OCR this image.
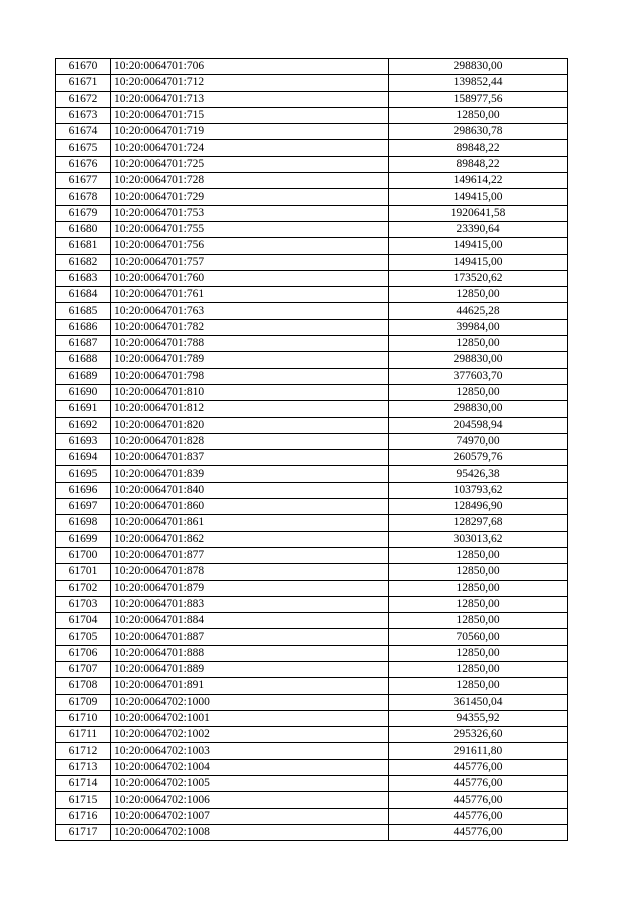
61670	10:20:0064701:706	298830,00
61671	10:20:0064701:712	139852,44
61672	10:20:0064701:713	158977,56
61673	10:20:0064701:715	12850,00
61674	10:20:0064701:719	298630,78
61675	10:20:0064701:724	89848,22
61676	10:20:0064701:725	89848,22
61677	10:20:0064701:728	149614,22
61678	10:20:0064701:729	149415,00
61679	10:20:0064701:753	1920641,58
61680	10:20:0064701:755	23390,64
61681	10:20:0064701:756	149415,00
61682	10:20:0064701:757	149415,00
61683	10:20:0064701:760	173520,62
61684	10:20:0064701:761	12850,00
61685	10:20:0064701:763	44625,28
61686	10:20:0064701:782	39984,00
61687	10:20:0064701:788	12850,00
61688	10:20:0064701:789	298830,00
61689	10:20:0064701:798	377603,70
61690	10:20:0064701:810	12850,00
61691	10:20:0064701:812	298830,00
61692	10:20:0064701:820	204598,94
61693	10:20:0064701:828	74970,00
61694	10:20:0064701:837	260579,76
61695	10:20:0064701:839	95426,38
61696	10:20:0064701:840	103793,62
61697	10:20:0064701:860	128496,90
61698	10:20:0064701:861	128297,68
61699	10:20:0064701:862	303013,62
61700	10:20:0064701:877	12850,00
61701	10:20:0064701:878	12850,00
61702	10:20:0064701:879	12850,00
61703	10:20:0064701:883	12850,00
61704	10:20:0064701:884	12850,00
61705	10:20:0064701:887	70560,00
61706	10:20:0064701:888	12850,00
61707	10:20:0064701:889	12850,00
61708	10:20:0064701:891	12850,00
61709	10:20:0064702:1000	361450,04
61710	10:20:0064702:1001	94355,92
61711	10:20:0064702:1002	295326,60
61712	10:20:0064702:1003	291611,80
61713	10:20:0064702:1004	445776,00
61714	10:20:0064702:1005	445776,00
61715	10:20:0064702:1006	445776,00
61716	10:20:0064702:1007	445776,00
61717	10:20:0064702:1008	445776,00
